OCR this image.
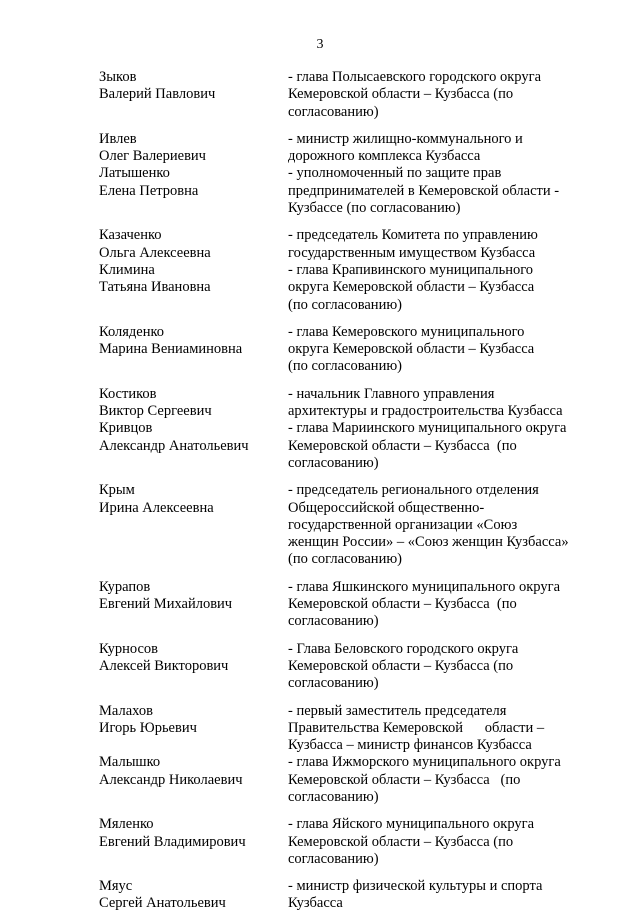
3
Зыков
Валерий Павлович
- глава Полысаевского городского округа
Кемеровской области – Кузбасса (по
согласованию)
Ивлев
Олег Валериевич
- министр жилищно-коммунального и
дорожного комплекса Кузбасса
Латышенко
Елена Петровна
- уполномоченный по защите прав
предпринимателей в Кемеровской области -
Кузбассе (по согласованию)
Казаченко
Ольга Алексеевна
- председатель Комитета по управлению
государственным имуществом Кузбасса
Климина
Татьяна Ивановна
- глава Крапивинского муниципального
округа Кемеровской области – Кузбасса
(по согласованию)
Коляденко
Марина Вениаминовна
- глава Кемеровского муниципального
округа Кемеровской области – Кузбасса
(по согласованию)
Костиков
Виктор Сергеевич
- начальник Главного управления
архитектуры и градостроительства Кузбасса
Кривцов
Александр Анатольевич
- глава Мариинского муниципального округа
Кемеровской области – Кузбасса  (по
согласованию)
Крым
Ирина Алексеевна
- председатель регионального отделения
Общероссийской общественно-
государственной организации «Союз
женщин России» – «Союз женщин Кузбасса»
(по согласованию)
Курапов
Евгений Михайлович
- глава Яшкинского муниципального округа
Кемеровской области – Кузбасса  (по
согласованию)
Курносов
Алексей Викторович
- Глава Беловского городского округа
Кемеровской области – Кузбасса (по
согласованию)
Малахов
Игорь Юрьевич
- первый заместитель председателя
Правительства Кемеровской      области –
Кузбасса – министр финансов Кузбасса
Малышко
Александр Николаевич
- глава Ижморского муниципального округа
Кемеровской области – Кузбасса   (по
согласованию)
Мяленко
Евгений Владимирович
- глава Яйского муниципального округа
Кемеровской области – Кузбасса (по
согласованию)
Мяус
Сергей Анатольевич
- министр физической культуры и спорта
Кузбасса
